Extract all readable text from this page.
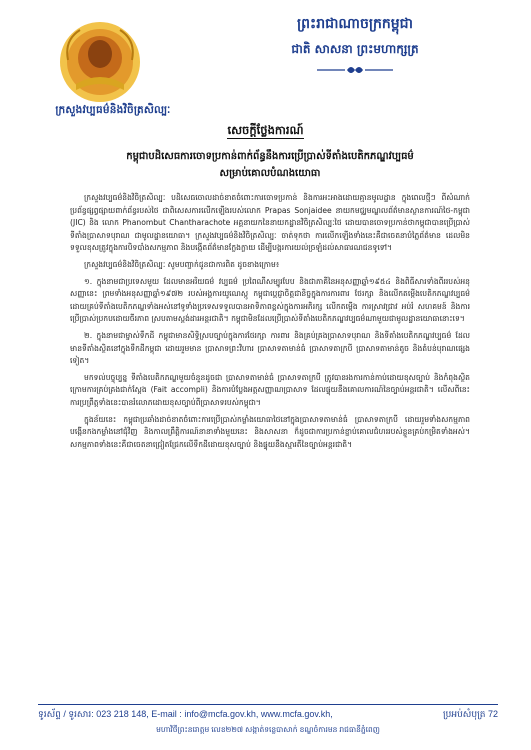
ក្រសួងវប្បធម៌និងវិចិត្រសិល្បៈ
ព្រះរាជាណាចក្រកម្ពុជា
ជាតិ សាសនា ព្រះមហាក្សត្រ
សេចក្តីថ្លែងការណ៍
កម្ពុជាបដិសេធការចោទប្រកាន់ពាក់ព័ន្ធនឹងការប្រើប្រាស់ទីតាំងបេតិកភណ្ឌវប្បធម៌
សម្រាប់គោលបំណងយោធា

ក្រសួងវប្បធម៌និងវិចិត្រសិល្បៈ បដិសេធចោលដាច់ខាតចំពោះការចោទប្រកាន់ និងការអះអាងដោយគ្មានមូលដ្ឋាន ក្នុងពេលថ្មីៗ ពីសំណាក់ប្រព័ន្ធផ្សព្វផ្សាយពាក់ព័ន្ធរបស់ថៃ ជាពិសេសការលើកឡើងរបស់លោក Prapas Sonjaidee នាយកមជ្ឈមណ្ឌលព័ត៌មានស្ថានការណ៍ថៃ-កម្ពុជា (JIC) និង លោក Phanombut Chantharachote អគ្គនាយកនៃនាយកដ្ឋានវិចិត្រសិល្បៈថៃ ដោយបានចោទប្រកាន់ថាកម្ពុជាបានប្រើប្រាស់ទីតាំងប្រាសាទបុរាណ ជាមូលដ្ឋានយោធា។ ក្រសួងវប្បធម៌និងវិចិត្រសិល្បៈ ចាត់ទុកថា ការលើកឡើងទាំងនេះគឺជាចេតនាបំភ្លៃព័ត៌មាន ដេលមិនទទួលខុសត្រូវក្នុងការបិទបាំងសកម្មភាព និងបង្កើតព័ត៌មានក្លែងក្លាយ ដើម្បីបង្ករការយល់ច្រឡំដល់សាធារណជនទូទៅ។

ក្រសួងវប្បធម៌និងវិចិត្រសិល្បៈ សូមបញ្ជាក់ជូនជាការពិត ដូចខាងក្រោម៖

១. ក្នុងនាមជាប្រទេសមួយ ដែលមានអរិយធម៌ វប្បធម៌ ប្រពៃណីសម្បូរបែប និងជាភាគីនៃអនុសញ្ញាឆ្នាំ១៩៥៤ និងពិធីសារទាំងពីររបស់អនុសញ្ញានេះ ព្រមទាំងអនុសញ្ញាឆ្នាំ១៩៧២ របស់អង្គការយូណេស្កូ កម្ពុជាប្តេជ្ញាចិត្តជានិច្ចក្នុងការការពារ ថែរក្សា និងលើកតម្កើងបេតិកភណ្ឌវប្បធម៌ ដោយគ្រប់ទីតាំងបេតិកភណ្ឌទាំងអស់នៅទូទាំងប្រទេសទទួលបានអាទិភាពខ្ពស់ក្នុងការអភិរក្ស លើកតម្កើង ការស្រាវជ្រាវ អប់រំ សហគមន៍ និងការប្រើប្រាស់ប្រកបដោយចីរភាព ស្របតាមស្តង់ដារអន្តរជាតិ។ កម្ពុជាមិនដែលប្រើប្រាស់ទីតាំងបេតិកភណ្ឌវប្បធម៌ណាមួយជាមូលដ្ឋានយោធានោះទេ។

២. ក្នុងនាមជាម្ចាស់ទឹកដី កម្ពុជាមានសិទ្ធិស្របច្បាប់ក្នុងការថែរក្សា ការពារ និងគ្រប់គ្រងប្រាសាទបុរាណ និងទីតាំងបេតិកភណ្ឌវប្បធម៌ ដែលមានទីតាំងស្ថិតនៅក្នុងទឹកដីកម្ពុជា ដោយរួមមាន ប្រាសាទព្រះវិហារ ប្រាសាទតាមាន់ធំ ប្រាសាទតាក្របី ប្រាសាទតាមាន់តូច និងតំបន់បុរាណផ្សេងទៀត។

មកទល់បច្ចុប្បន្ន ទីតាំងបេតិកភណ្ឌមួយចំនួនដូចជា ប្រាសាទតាមាន់ធំ ប្រាសាទតាក្របី ត្រូវបានរងការកាន់កាប់ដោយខុសច្បាប់ និងកំពុងស្ថិតក្រោមការគ្រប់គ្រងជាក់ស្តែង (Fait accompli) និងការបំប្លែងអត្តសញ្ញាណប្រាសាទ ដែលផ្ទុយនឹងគោលការណ៍នៃច្បាប់អន្តរជាតិ។ លើសពីនេះ ការប្រព្រឹត្តទាំងនេះបានរំលោភដោយខុសច្បាប់ពីប្រាសាទរបស់កម្ពុជា។

ក្នុងន័យនេះ កម្ពុជាប្រឆាំងដាច់ខាតចំពោះការប្រើប្រាស់កម្លាំងយោធាថៃនៅក្នុងប្រាសាទតាមាន់ធំ ប្រាសាទតាក្របី ដោយរួមទាំងសកម្មភាពបង្កើនកងកម្លាំងនៅជុំវិញ និងកាលព្រឹត្តិការណ៍នានាទាំងមួយនេះ និងសាសនា ក៏ដូចជាការប្រកាន់ខ្ជាប់គោលជំហររបស់ខ្លួនគ្រប់កម្រិតទាំងអស់។ សកម្មភាពទាំងនេះគឺជាចេតនាជ្រៀតជ្រែកលើទឹកដីដោយខុសច្បាប់ និងផ្ទុយនឹងស្មារតីនៃច្បាប់អន្តរជាតិ។

ទូរស័ព្ទ / ទូរសារ: 023 218 148, E-mail : info@mcfa.gov.kh, www.mcfa.gov.kh,	ប្រអប់សំបុត្រ 72
មហាវិថីព្រះនរោត្តម លេខ២២៧ សង្កាត់ទន្លេបាសាក់ ខណ្ឌចំការមន រាជធានីភ្នំពេញ
